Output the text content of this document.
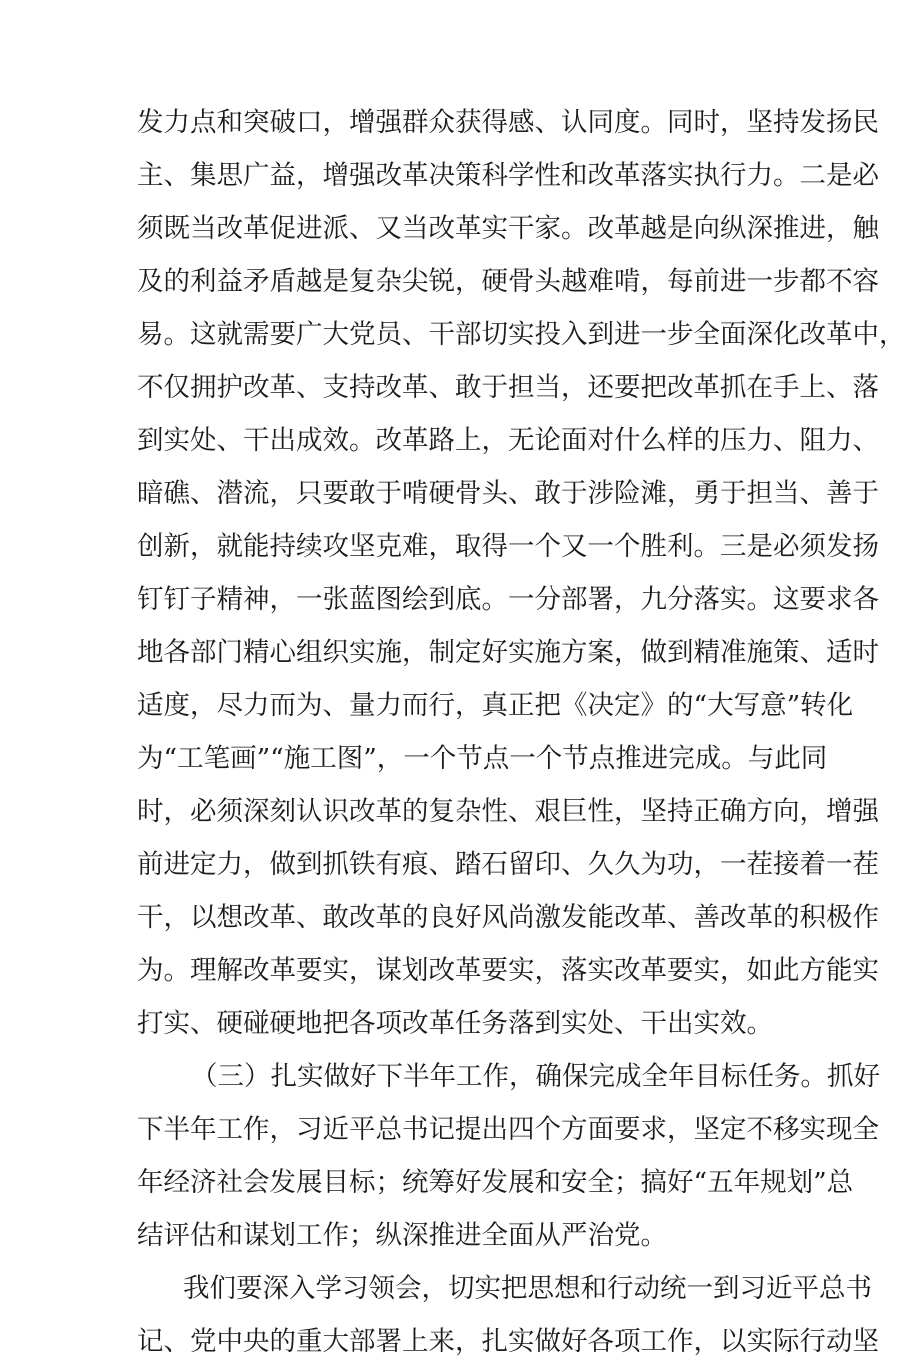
发 力 点 和 突 破 口 ， 增 强 群 众 获 得 感 、 认 同 度 。 同 时 ， 坚 持 发 扬 民
主 、 集 思 广 益 ， 增 强 改 革 决 策 科 学 性 和 改 革 落 实 执 行 力 。 二 是 必
须 既 当 改 革 促 进 派 、 又 当 改 革 实 干 家 。 改 革 越 是 向 纵 深 推 进 ， 触
及 的 利 益 矛 盾 越 是 复 杂 尖 锐 ， 硬 骨 头 越 难 啃 ， 每 前 进 一 步 都 不 容
易 。 这 就 需 要 广 大 党 员 、 干 部 切 实 投 入 到 进 一 步 全 面 深 化 改 革 中 ，
不 仅 拥 护 改 革 、 支 持 改 革 、 敢 于 担 当 ， 还 要 把 改 革 抓 在 手 上 、 落
到 实 处 、 干 出 成 效 。 改 革 路 上 ， 无 论 面 对 什 么 样 的 压 力 、 阻 力 、
暗 礁 、 潜 流 ， 只 要 敢 于 啃 硬 骨 头 、 敢 于 涉 险 滩 ， 勇 于 担 当 、 善 于
创 新 ， 就 能 持 续 攻 坚 克 难 ， 取 得 一 个 又 一 个 胜 利 。 三 是 必 须 发 扬
钉 钉 子 精 神 ， 一 张 蓝 图 绘 到 底 。 一 分 部 署 ， 九 分 落 实 。 这 要 求 各
地 各 部 门 精 心 组 织 实 施 ， 制 定 好 实 施 方 案 ， 做 到 精 准 施 策 、 适 时
适 度 ， 尽 力 而 为 、 量 力 而 行 ， 真 正 把 《 决 定 》 的 “ 大 写 意 ” 转 化
为 “ 工 笔 画 ” “ 施 工 图 ” ， 一 个 节 点 一 个 节 点 推 进 完 成 。 与 此 同
时 ， 必 须 深 刻 认 识 改 革 的 复 杂 性 、 艰 巨 性 ， 坚 持 正 确 方 向 ， 增 强
前 进 定 力 ， 做 到 抓 铁 有 痕 、 踏 石 留 印 、 久 久 为 功 ， 一 茬 接 着 一 茬
干 ， 以 想 改 革 、 敢 改 革 的 良 好 风 尚 激 发 能 改 革 、 善 改 革 的 积 极 作
为 。 理 解 改 革 要 实 ， 谋 划 改 革 要 实 ， 落 实 改 革 要 实 ， 如 此 方 能 实
打实、硬碰硬地把各项改革任务落到实处、干出实效。
（ 三 ） 扎 实 做 好 下 半 年 工 作 ， 确 保 完 成 全 年 目 标 任 务 。 抓 好
下 半 年 工 作 ， 习 近 平 总 书 记 提 出 四 个 方 面 要 求 ， 坚 定 不 移 实 现 全
年 经 济 社 会 发 展 目 标 ； 统 筹 好 发 展 和 安 全 ； 搞 好 “ 五 年 规 划 ” 总
结评估和谋划工作；纵深推进全面从严治党。
我 们 要 深 入 学 习 领 会 ， 切 实 把 思 想 和 行 动 统 一 到 习 近 平 总 书
记 、 党 中 央 的 重 大 部 署 上 来 ， 扎 实 做 好 各 项 工 作 ， 以 实 际 行 动 坚
